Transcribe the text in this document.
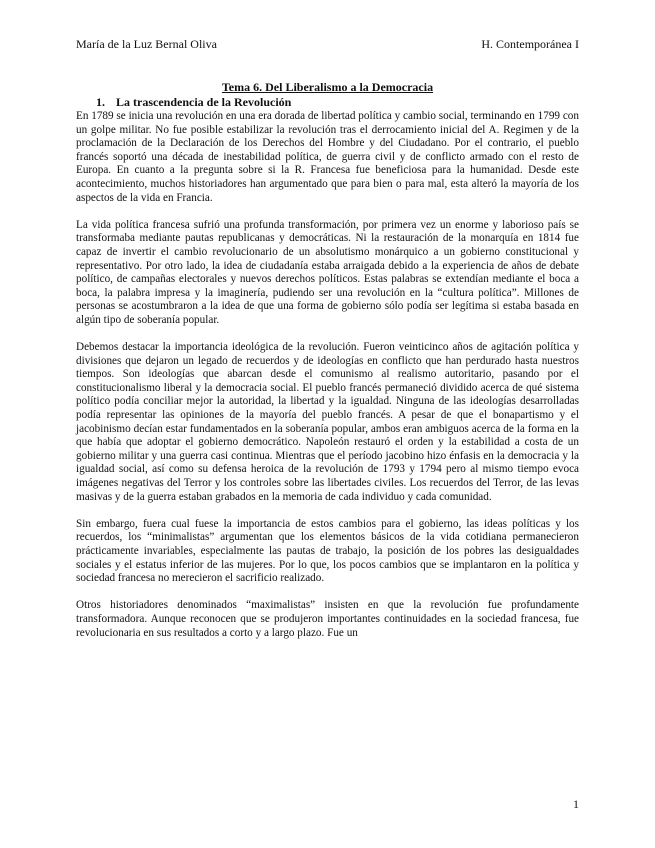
María de la Luz Bernal Oliva	H. Contemporánea I
Tema 6. Del Liberalismo a la Democracia
1. La trascendencia de la Revolución

En 1789 se inicia una revolución en una era dorada de libertad política y cambio social, terminando en 1799 con un golpe militar. No fue posible estabilizar la revolución tras el derrocamiento inicial del A. Regimen y de la proclamación de la Declaración de los Derechos del Hombre y del Ciudadano. Por el contrario, el pueblo francés soportó una década de inestabilidad política, de guerra civil y de conflicto armado con el resto de Europa. En cuanto a la pregunta sobre si la R. Francesa fue beneficiosa para la humanidad. Desde este acontecimiento, muchos historiadores han argumentado que para bien o para mal, esta alteró la mayoría de los aspectos de la vida en Francia.

La vida política francesa sufrió una profunda transformación, por primera vez un enorme y laborioso país se transformaba mediante pautas republicanas y democráticas. Ni la restauración de la monarquía en 1814 fue capaz de invertir el cambio revolucionario de un absolutismo monárquico a un gobierno constitucional y representativo. Por otro lado, la idea de ciudadanía estaba arraigada debido a la experiencia de años de debate político, de campañas electorales y nuevos derechos políticos. Estas palabras se extendían mediante el boca a boca, la palabra impresa y la imaginería, pudiendo ser una revolución en la “cultura política”. Millones de personas se acostumbraron a la idea de que una forma de gobierno sólo podía ser legítima si estaba basada en algún tipo de soberanía popular.

Debemos destacar la importancia ideológica de la revolución. Fueron veinticinco años de agitación política y divisiones que dejaron un legado de recuerdos y de ideologías en conflicto que han perdurado hasta nuestros tiempos. Son ideologías que abarcan desde el comunismo al realismo autoritario, pasando por el constitucionalismo liberal y la democracia social. El pueblo francés permaneció dividido acerca de qué sistema político podía conciliar mejor la autoridad, la libertad y la igualdad. Ninguna de las ideologías desarrolladas podía representar las opiniones de la mayoría del pueblo francés. A pesar de que el bonapartismo y el jacobinismo decían estar fundamentados en la soberanía popular, ambos eran ambiguos acerca de la forma en la que había que adoptar el gobierno democrático. Napoleón restauró el orden y la estabilidad a costa de un gobierno militar y una guerra casi continua. Mientras que el período jacobino hizo énfasis en la democracia y la igualdad social, así como su defensa heroica de la revolución de 1793 y 1794 pero al mismo tiempo evoca imágenes negativas del Terror y los controles sobre las libertades civiles. Los recuerdos del Terror, de las levas masivas y de la guerra estaban grabados en la memoria de cada individuo y cada comunidad.

Sin embargo, fuera cual fuese la importancia de estos cambios para el gobierno, las ideas políticas y los recuerdos, los “minimalistas” argumentan que los elementos básicos de la vida cotidiana permanecieron prácticamente invariables, especialmente las pautas de trabajo, la posición de los pobres las desigualdades sociales y el estatus inferior de las mujeres. Por lo que, los pocos cambios que se implantaron en la política y sociedad francesa no merecieron el sacrificio realizado.

Otros historiadores denominados “maximalistas” insisten en que la revolución fue profundamente transformadora. Aunque reconocen que se produjeron importantes continuidades en la sociedad francesa, fue revolucionaria en sus resultados a corto y a largo plazo. Fue un

1
